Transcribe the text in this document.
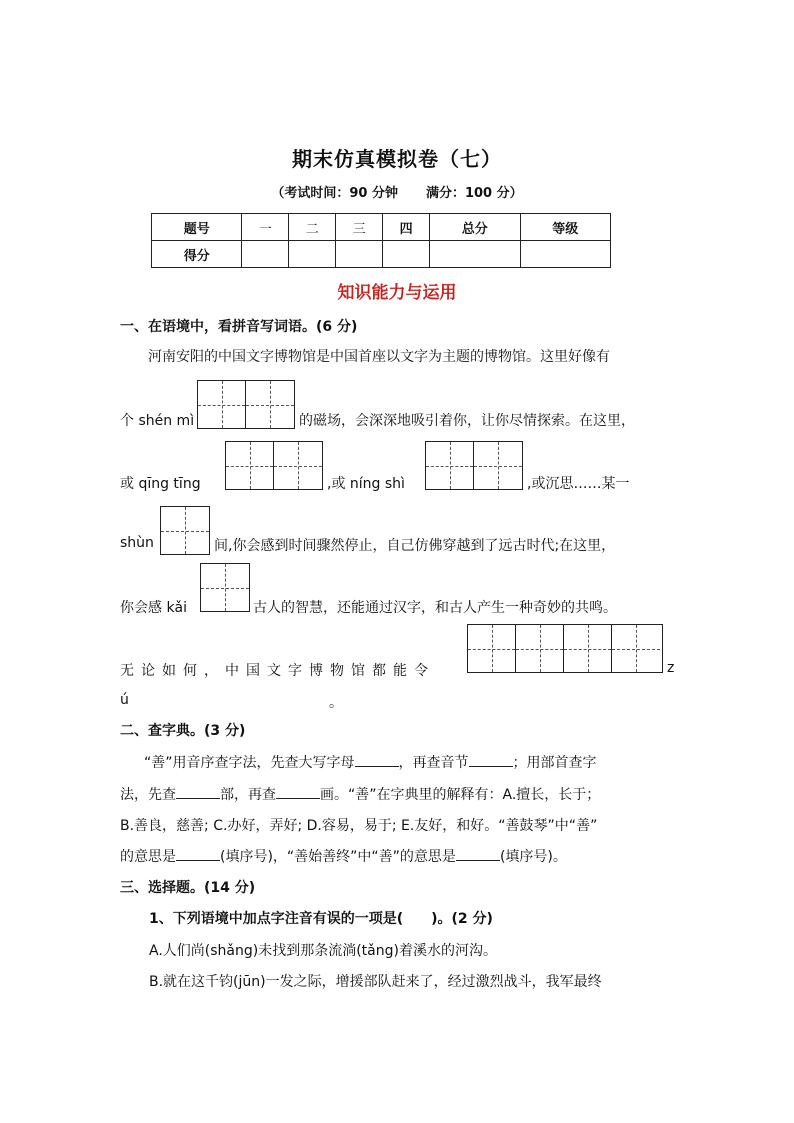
期末仿真模拟卷（七）
（考试时间：90 分钟 满分：100 分）
题号	一	二	三	四	总分	等级
得分						
知识能力与运用
一、在语境中，看拼音写词语。(6 分)
河南安阳的中国文字博物馆是中国首座以文字为主题的博物馆。这里好像有
个 shén mì	的磁场，会深深地吸引着你，让你尽情探索。在这里，
或 qīng tīng	,或 níng shì	,或沉思……某一
shùn	间,你会感到时间骤然停止，自己仿佛穿越到了远古时代;在这里，
你会感 kǎi	古人的智慧，还能通过汉字，和古人产生一种奇妙的共鸣。
无论如何，中国文字博物馆都能令	z
ú	。
二、查字典。(3 分)
“善”用音序查字法，先查大写字母	，再查音节	；用部首查字
法，先查	部，再查	画。“善”在字典里的解释有：A.擅长，长于；
B.善良，慈善; C.办好，弄好; D.容易，易于; E.友好，和好。“善鼓琴”中“善”
的意思是	(填序号)，“善始善终”中“善”的意思是	(填序号)。
三、选择题。(14 分)
1、下列语境中加点字注音有误的一项是(　　)。(2 分)
A.人们尚(shǎng)未找到那条流淌(tǎng)着溪水的河沟。
B.就在这千钧(jūn)一发之际，增援部队赶来了，经过激烈战斗，我军最终
